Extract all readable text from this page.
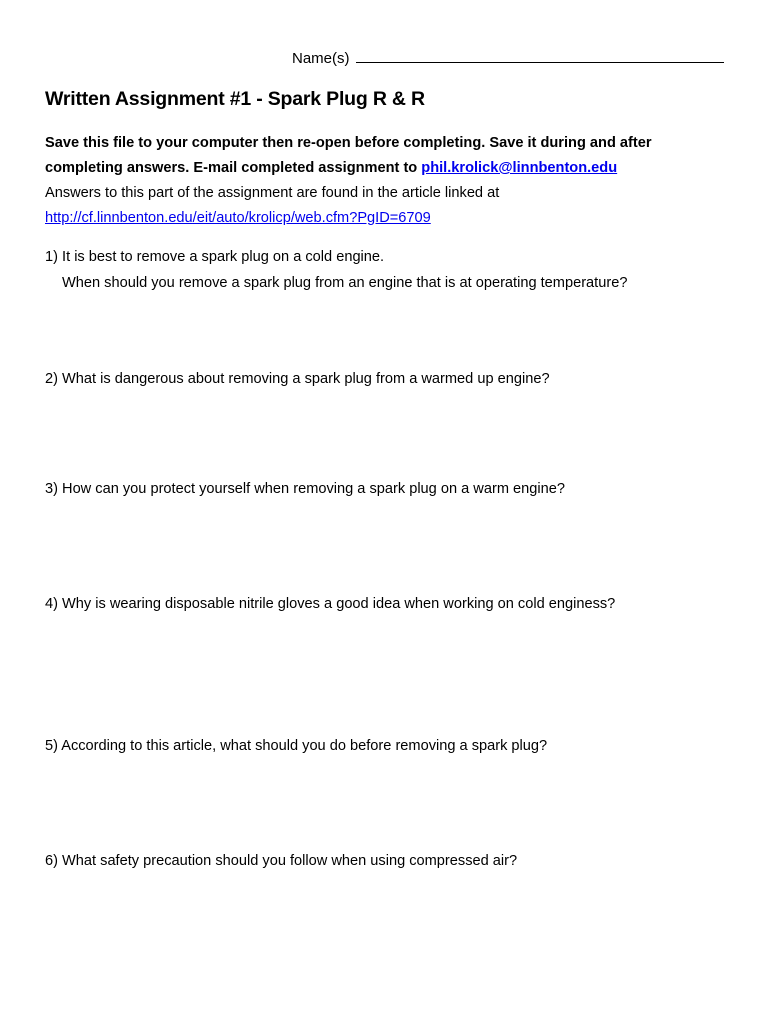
Name(s)
Written Assignment #1 - Spark Plug R & R
Save this file to your computer then re-open before completing. Save it during and after
completing answers. E-mail completed assignment to phil.krolick@linnbenton.edu
Answers to this part of the assignment are found in the article linked at
http://cf.linnbenton.edu/eit/auto/krolicp/web.cfm?PgID=6709
1) It is best to remove a spark plug on a cold engine.
When should you remove a spark plug from an engine that is at operating temperature?
2) What is dangerous about removing a spark plug from a warmed up engine?
3) How can you protect yourself when removing a spark plug on a warm engine?
4) Why is wearing disposable nitrile gloves a good idea when working on cold enginess?
5) According to this article, what should you do before removing a spark plug?
6) What safety precaution should you follow when using compressed air?
